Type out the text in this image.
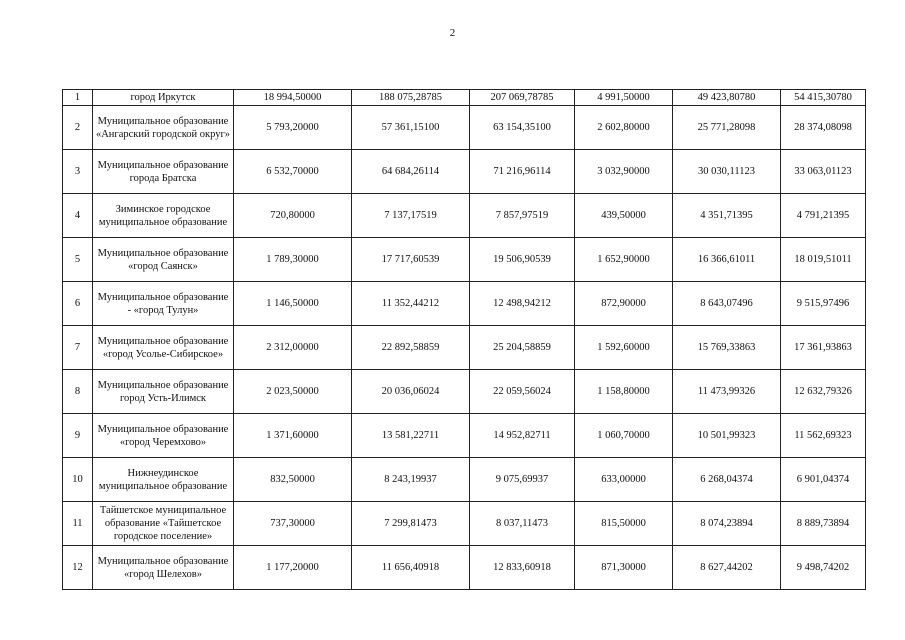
2
1	город Иркутск	18 994,50000	188 075,28785	207 069,78785	4 991,50000	49 423,80780	54 415,30780
2	Муниципальное образование «Ангарский городской округ»	5 793,20000	57 361,15100	63 154,35100	2 602,80000	25 771,28098	28 374,08098
3	Муниципальное образование города Братска	6 532,70000	64 684,26114	71 216,96114	3 032,90000	30 030,11123	33 063,01123
4	Зиминское городское муниципальное образование	720,80000	7 137,17519	7 857,97519	439,50000	4 351,71395	4 791,21395
5	Муниципальное образование «город Саянск»	1 789,30000	17 717,60539	19 506,90539	1 652,90000	16 366,61011	18 019,51011
6	Муниципальное образование - «город Тулун»	1 146,50000	11 352,44212	12 498,94212	872,90000	8 643,07496	9 515,97496
7	Муниципальное образование «город Усолье-Сибирское»	2 312,00000	22 892,58859	25 204,58859	1 592,60000	15 769,33863	17 361,93863
8	Муниципальное образование город Усть-Илимск	2 023,50000	20 036,06024	22 059,56024	1 158,80000	11 473,99326	12 632,79326
9	Муниципальное образование «город Черемхово»	1 371,60000	13 581,22711	14 952,82711	1 060,70000	10 501,99323	11 562,69323
10	Нижнеудинское муниципальное образование	832,50000	8 243,19937	9 075,69937	633,00000	6 268,04374	6 901,04374
11	Тайшетское муниципальное образование «Тайшетское городское поселение»	737,30000	7 299,81473	8 037,11473	815,50000	8 074,23894	8 889,73894
12	Муниципальное образование «город Шелехов»	1 177,20000	11 656,40918	12 833,60918	871,30000	8 627,44202	9 498,74202
